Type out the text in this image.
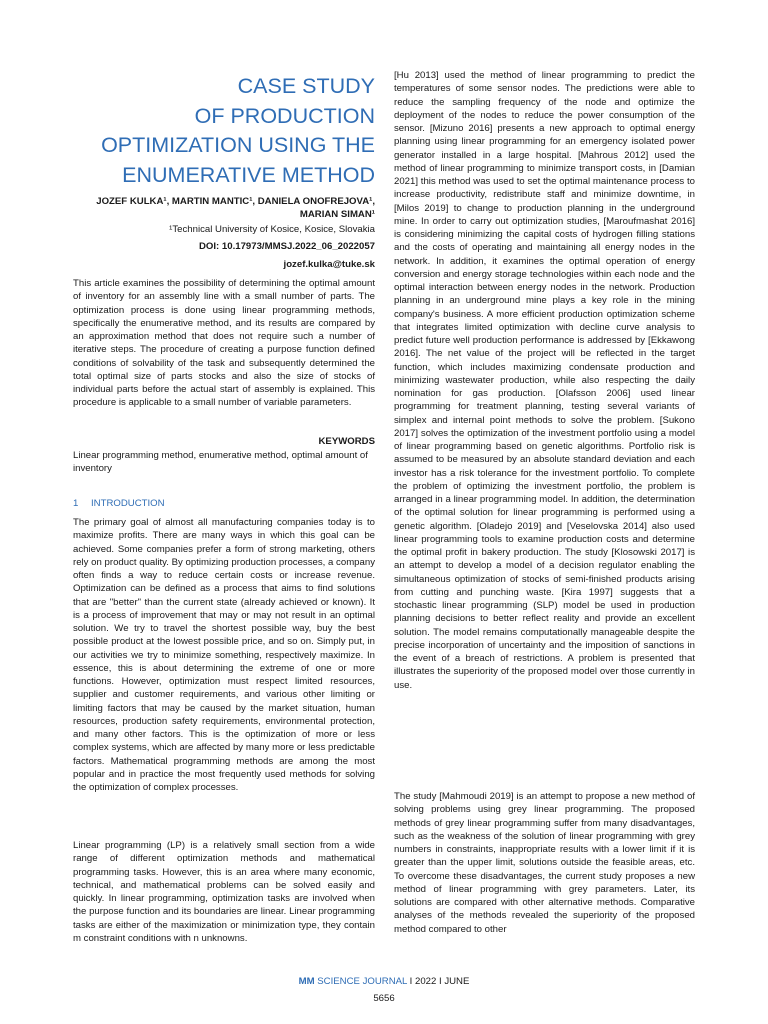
CASE STUDY
OF PRODUCTION
OPTIMIZATION USING THE
ENUMERATIVE METHOD
JOZEF KULKA¹, MARTIN MANTIC¹, DANIELA ONOFREJOVA¹,
MARIAN SIMAN¹
¹Technical University of Kosice, Kosice, Slovakia
DOI: 10.17973/MMSJ.2022_06_2022057
jozef.kulka@tuke.sk
This article examines the possibility of determining the optimal amount of inventory for an assembly line with a small number of parts. The optimization process is done using linear programming methods, specifically the enumerative method, and its results are compared by an approximation method that does not require such a number of iterative steps. The procedure of creating a purpose function defined conditions of solvability of the task and subsequently determined the total optimal size of parts stocks and also the size of stocks of individual parts before the actual start of assembly is explained. This procedure is applicable to a small number of variable parameters.
KEYWORDS
Linear programming method, enumerative method, optimal amount of inventory
1 INTRODUCTION
The primary goal of almost all manufacturing companies today is to maximize profits. There are many ways in which this goal can be achieved. Some companies prefer a form of strong marketing, others rely on product quality. By optimizing production processes, a company often finds a way to reduce certain costs or increase revenue. Optimization can be defined as a process that aims to find solutions that are "better" than the current state (already achieved or known). It is a process of improvement that may or may not result in an optimal solution. We try to travel the shortest possible way, buy the best possible product at the lowest possible price, and so on. Simply put, in our activities we try to minimize something, respectively maximize. In essence, this is about determining the extreme of one or more functions. However, optimization must respect limited resources, supplier and customer requirements, and various other limiting or limiting factors that may be caused by the market situation, human resources, production safety requirements, environmental protection, and many other factors. This is the optimization of more or less complex systems, which are affected by many more or less predictable factors. Mathematical programming methods are among the most popular and in practice the most frequently used methods for solving the optimization of complex processes.
Linear programming (LP) is a relatively small section from a wide range of different optimization methods and mathematical programming tasks. However, this is an area where many economic, technical, and mathematical problems can be solved easily and quickly. In linear programming, optimization tasks are involved when the purpose function and its boundaries are linear. Linear programming tasks are either of the maximization or minimization type, they contain m constraint conditions with n unknowns.
[Hu 2013] used the method of linear programming to predict the temperatures of some sensor nodes. The predictions were able to reduce the sampling frequency of the node and optimize the deployment of the nodes to reduce the power consumption of the sensor. [Mizuno 2016] presents a new approach to optimal energy planning using linear programming for an emergency isolated power generator installed in a large hospital. [Mahrous 2012] used the method of linear programming to minimize transport costs, in [Damian 2021] this method was used to set the optimal maintenance process to increase productivity, redistribute staff and minimize downtime, in [Milos 2019] to change to production planning in the underground mine. In order to carry out optimization studies, [Maroufmashat 2016] is considering minimizing the capital costs of hydrogen filling stations and the costs of operating and maintaining all energy nodes in the network. In addition, it examines the optimal operation of energy conversion and energy storage technologies within each node and the optimal interaction between energy nodes in the network. Production planning in an underground mine plays a key role in the mining company's business. A more efficient production optimization scheme that integrates limited optimization with decline curve analysis to predict future well production performance is addressed by [Ekkawong 2016]. The net value of the project will be reflected in the target function, which includes maximizing condensate production and minimizing wastewater production, while also respecting the daily nomination for gas production. [Olafsson 2006] used linear programming for treatment planning, testing several variants of simplex and internal point methods to solve the problem. [Sukono 2017] solves the optimization of the investment portfolio using a model of linear programming based on genetic algorithms. Portfolio risk is assumed to be measured by an absolute standard deviation and each investor has a risk tolerance for the investment portfolio. To complete the problem of optimizing the investment portfolio, the problem is arranged in a linear programming model. In addition, the determination of the optimal solution for linear programming is performed using a genetic algorithm. [Oladejo 2019] and [Veselovska 2014] also used linear programming tools to examine production costs and determine the optimal profit in bakery production. The study [Klosowski 2017] is an attempt to develop a model of a decision regulator enabling the simultaneous optimization of stocks of semi-finished products arising from cutting and punching waste. [Kira 1997] suggests that a stochastic linear programming (SLP) model be used in production planning decisions to better reflect reality and provide an excellent solution. The model remains computationally manageable despite the precise incorporation of uncertainty and the imposition of sanctions in the event of a breach of restrictions. A problem is presented that illustrates the superiority of the proposed model over those currently in use.
The study [Mahmoudi 2019] is an attempt to propose a new method of solving problems using grey linear programming. The proposed methods of grey linear programming suffer from many disadvantages, such as the weakness of the solution of linear programming with grey numbers in constraints, inappropriate results with a lower limit if it is greater than the upper limit, solutions outside the feasible areas, etc. To overcome these disadvantages, the current study proposes a new method of linear programming with grey parameters. Later, its solutions are compared with other alternative methods. Comparative analyses of the methods revealed the superiority of the proposed method compared to other
MM SCIENCE JOURNAL I 2022 I JUNE
5656
